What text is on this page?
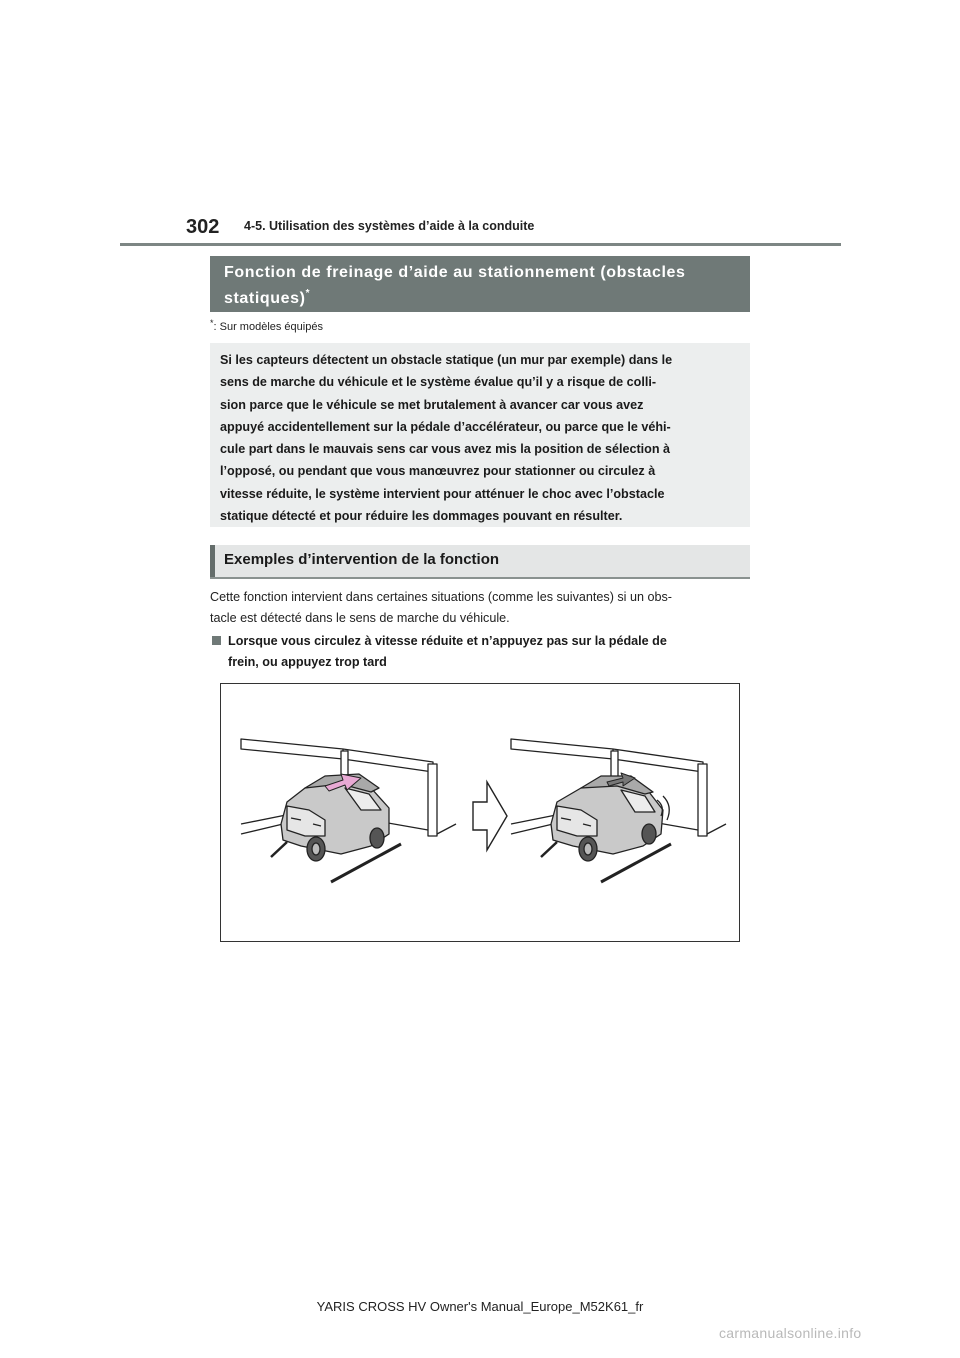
302 4-5. Utilisation des systèmes d’aide à la conduite
Fonction de freinage d’aide au stationnement (obstacles statiques)*
*: Sur modèles équipés
Si les capteurs détectent un obstacle statique (un mur par exemple) dans le
sens de marche du véhicule et le système évalue qu’il y a risque de colli-
sion parce que le véhicule se met brutalement à avancer car vous avez
appuyé accidentellement sur la pédale d’accélérateur, ou parce que le véhi-
cule part dans le mauvais sens car vous avez mis la position de sélection à
l’opposé, ou pendant que vous manœuvrez pour stationner ou circulez à
vitesse réduite, le système intervient pour atténuer le choc avec l’obstacle
statique détecté et pour réduire les dommages pouvant en résulter.
Exemples d’intervention de la fonction
Cette fonction intervient dans certaines situations (comme les suivantes) si un obs-
tacle est détecté dans le sens de marche du véhicule.
Lorsque vous circulez à vitesse réduite et n’appuyez pas sur la pédale de
frein, ou appuyez trop tard
YARIS CROSS HV Owner's Manual_Europe_M52K61_fr
carmanualsonline.info
